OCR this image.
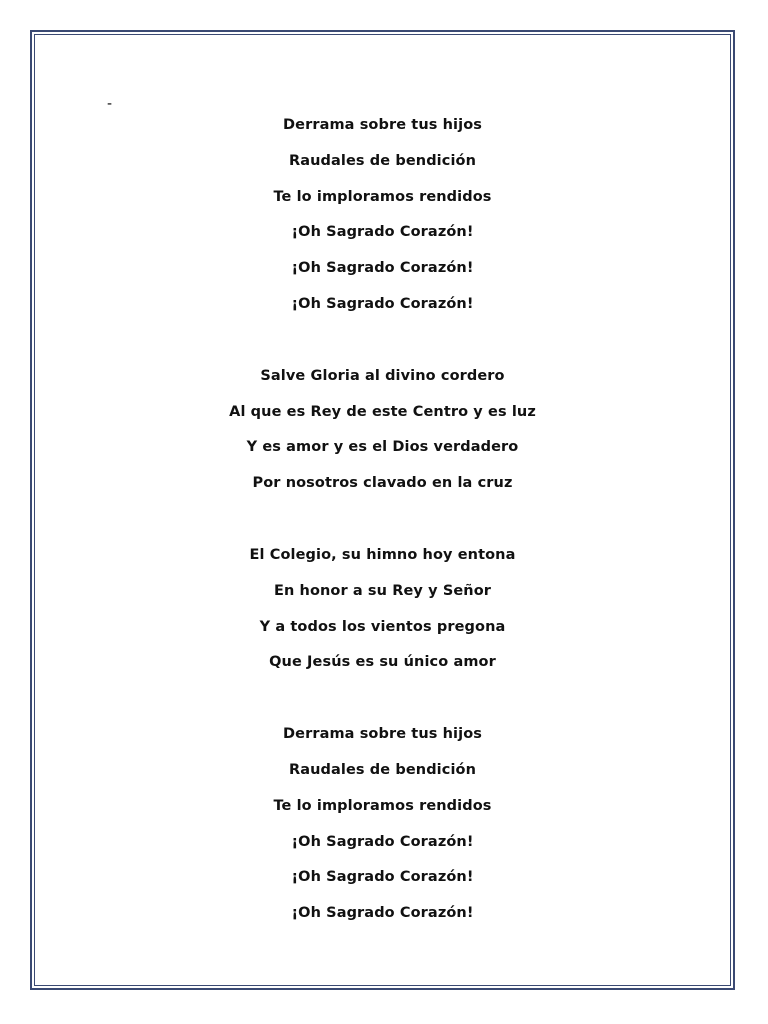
-
Derrama sobre tus hijos
Raudales de bendición
Te lo imploramos rendidos
¡Oh Sagrado Corazón!
¡Oh Sagrado Corazón!
¡Oh Sagrado Corazón!
Salve Gloria al divino cordero
Al que es Rey de este Centro y es luz
Y es amor y es el Dios verdadero
Por nosotros clavado en la cruz
El Colegio, su himno hoy entona
En honor a su Rey y Señor
Y a todos los vientos pregona
Que Jesús es su único amor
Derrama sobre tus hijos
Raudales de bendición
Te lo imploramos rendidos
¡Oh Sagrado Corazón!
¡Oh Sagrado Corazón!
¡Oh Sagrado Corazón!
